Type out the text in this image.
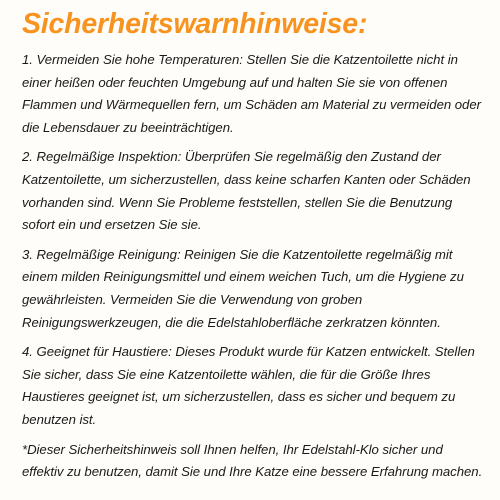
Sicherheitswarnhinweise:

1. Vermeiden Sie hohe Temperaturen: Stellen Sie die Katzentoilette nicht in einer heißen oder feuchten Umgebung auf und halten Sie sie von offenen Flammen und Wärmequellen fern, um Schäden am Material zu vermeiden oder die Lebensdauer zu beeinträchtigen.

2. Regelmäßige Inspektion: Überprüfen Sie regelmäßig den Zustand der Katzentoilette, um sicherzustellen, dass keine scharfen Kanten oder Schäden vorhanden sind. Wenn Sie Probleme feststellen, stellen Sie die Benutzung sofort ein und ersetzen Sie sie.

3. Regelmäßige Reinigung: Reinigen Sie die Katzentoilette regelmäßig mit einem milden Reinigungsmittel und einem weichen Tuch, um die Hygiene zu gewährleisten. Vermeiden Sie die Verwendung von groben Reinigungswerkzeugen, die die Edelstahloberfläche zerkratzen könnten.

4. Geeignet für Haustiere: Dieses Produkt wurde für Katzen entwickelt. Stellen Sie sicher, dass Sie eine Katzentoilette wählen, die für die Größe Ihres Haustieres geeignet ist, um sicherzustellen, dass es sicher und bequem zu benutzen ist.

*Dieser Sicherheitshinweis soll Ihnen helfen, Ihr Edelstahl-Klo sicher und effektiv zu benutzen, damit Sie und Ihre Katze eine bessere Erfahrung machen.
